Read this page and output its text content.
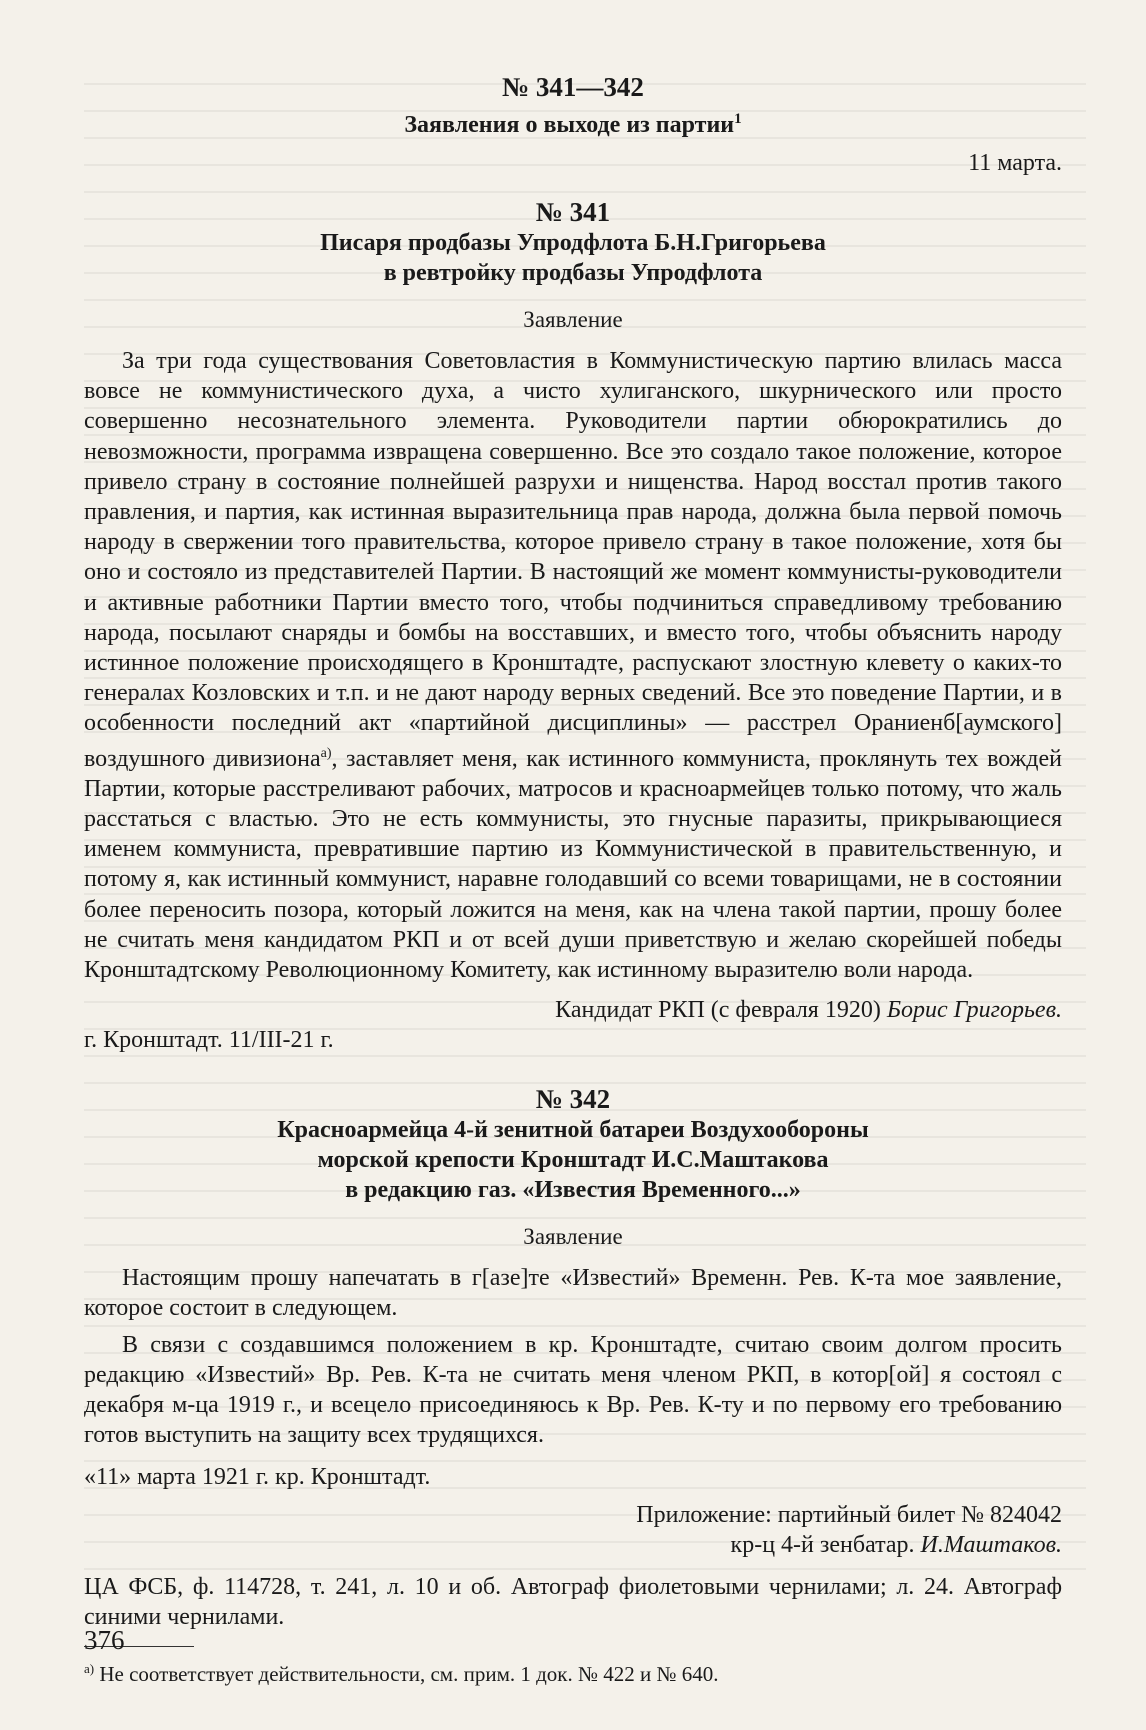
№ 341—342

Заявления о выходе из партии$^1$

11 марта.

№ 341

Писаря продбазы Упродфлота Б.Н.Григорьева

в ревтройку продбазы Упродфлота

Заявление

За три года существования Советовластия в Коммунистическую партию влилась масса вовсе не коммунистического духа, а чисто хулиганского, шкурнического или просто совершенно несознательного элемента. Руководители партии обюрократились до невозможности, программа извращена совершенно. Все это создало такое положение, которое привело страну в состояние полнейшей разрухи и нищенства. Народ восстал против такого правления, и партия, как истинная выразительница прав народа, должна была первой помочь народу в свержении того правительства, которое привело страну в такое положение, хотя бы оно и состояло из представителей Партии. В настоящий же момент коммунисты-руководители и активные работники Партии вместо того, чтобы подчиниться справедливому требованию народа, посылают снаряды и бомбы на восставших, и вместо того, чтобы объяснить народу истинное положение происходящего в Кронштадте, распускают злостную клевету о каких-то генералах Козловских и т.п. и не дают народу верных сведений. Все это поведение Партии, и в особенности последний акт «партийной дисциплины» — расстрел Ораниенб[аумского] воздушного дивизиона$^{a)}$, заставляет меня, как истинного коммуниста, проклянуть тех вождей Партии, которые расстреливают рабочих, матросов и красноармейцев только потому, что жаль расстаться с властью. Это не есть коммунисты, это гнусные паразиты, прикрывающиеся именем коммуниста, превратившие партию из Коммунистической в правительственную, и потому я, как истинный коммунист, наравне голодавший со всеми товарищами, не в состоянии более переносить позора, который ложится на меня, как на члена такой партии, прошу более не считать меня кандидатом РКП и от всей души приветствую и желаю скорейшей победы Кронштадтскому Революционному Комитету, как истинному выразителю воли народа.

Кандидат РКП (с февраля 1920) Борис Григорьев.

г. Кронштадт. 11/III-21 г.

№ 342

Красноармейца 4-й зенитной батареи Воздухообороны

морской крепости Кронштадт И.С.Маштакова

в редакцию газ. «Известия Временного...»

Заявление

Настоящим прошу напечатать в г[азе]те «Известий» Временн. Рев. К-та мое заявление, которое состоит в следующем.

В связи с создавшимся положением в кр. Кронштадте, считаю своим долгом просить редакцию «Известий» Вр. Рев. К-та не считать меня членом РКП, в котор[ой] я состоял с декабря м-ца 1919 г., и всецело присоединяюсь к Вр. Рев. К-ту и по первому его требованию готов выступить на защиту всех трудящихся.

«11» марта 1921 г. кр. Кронштадт.

Приложение: партийный билет № 824042

кр-ц 4-й зенбатар. И.Маштаков.

ЦА ФСБ, ф. 114728, т. 241, л. 10 и об. Автограф фиолетовыми чернилами; л. 24. Автограф синими чернилами.

$^{a)}$ Не соответствует действительности, см. прим. 1 док. № 422 и № 640.

376
